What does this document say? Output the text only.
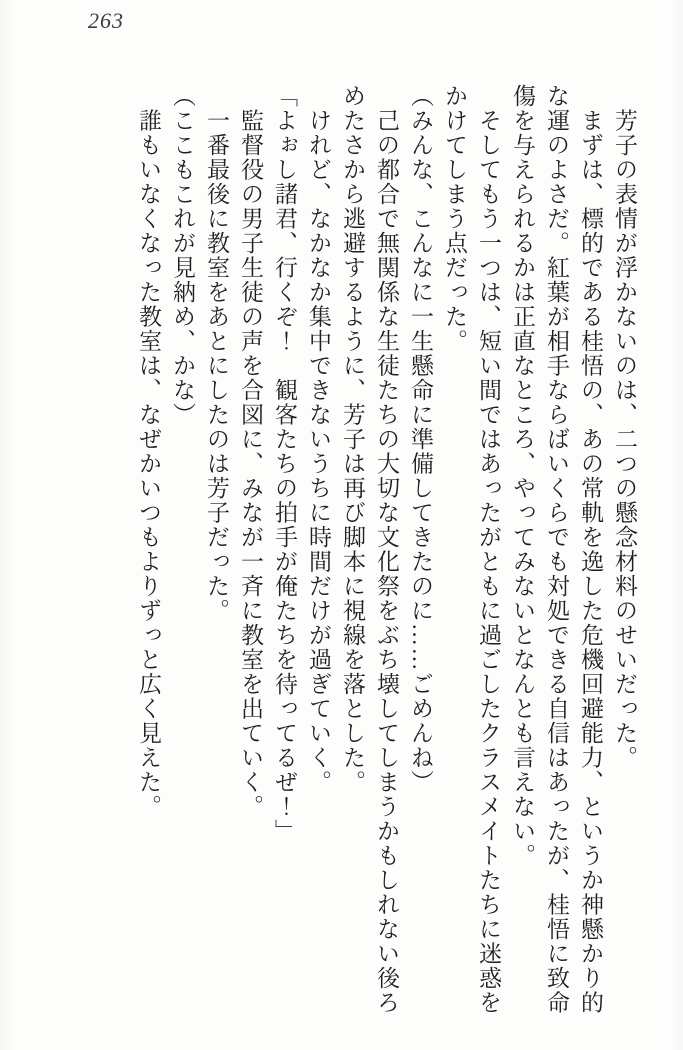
263

　芳子の表情が浮かないのは、二つの懸念材料のせいだった。

　まずは、標的である桂悟の、あの常軌を逸した危機回避能力、というか神懸かり的な運のよさだ。紅葉が相手ならばいくらでも対処できる自信はあったが、桂悟に致命傷を与えられるかは正直なところ、やってみないとなんとも言えない。

　そしてもう一つは、短い間ではあったがともに過ごしたクラスメイトたちに迷惑をかけてしまう点だった。

（みんな、こんなに一生懸命に準備してきたのに……ごめんね）

　己の都合で無関係な生徒たちの大切な文化祭をぶち壊してしまうかもしれない後ろめたさから逃避するように、芳子は再び脚本に視線を落とした。

　けれど、なかなか集中できないうちに時間だけが過ぎていく。

「よぉし諸君、行くぞ！　観客たちの拍手が俺たちを待ってるぜ！」

　監督役の男子生徒の声を合図に、みなが一斉に教室を出ていく。

　一番最後に教室をあとにしたのは芳子だった。

（ここもこれが見納め、かな）

　誰もいなくなった教室は、なぜかいつもよりずっと広く見えた。
